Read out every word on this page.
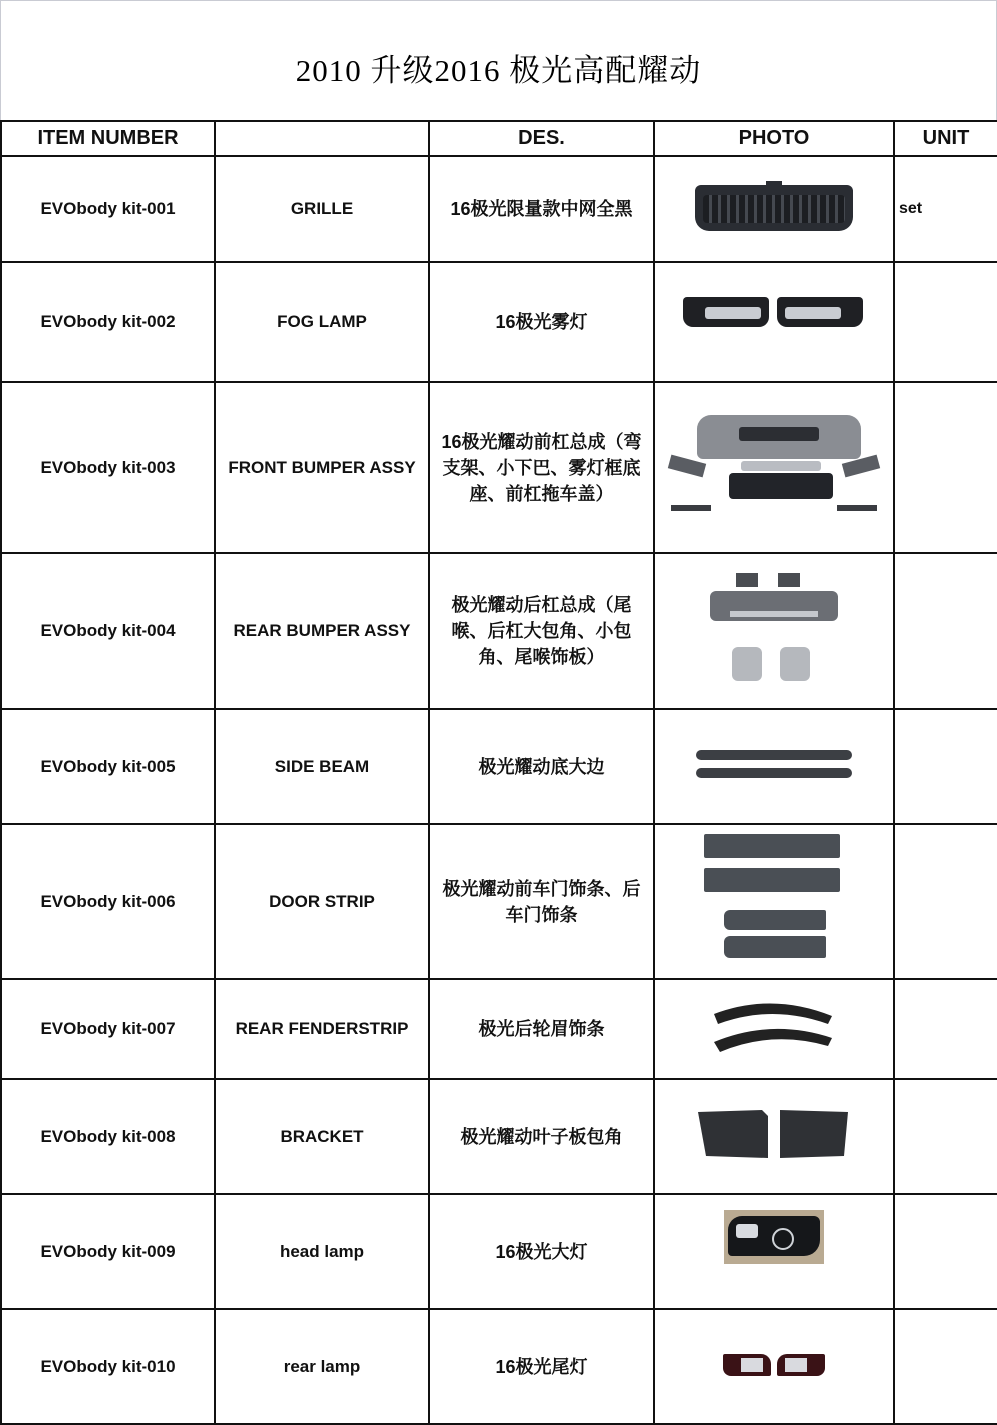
2010 升级2016 极光高配耀动
ITEM NUMBER		DES.	PHOTO	UNIT
EVObody kit-001	GRILLE	16极光限量款中网全黑		set
EVObody kit-002	FOG LAMP	16极光雾灯	

EVObody kit-003	FRONT BUMPER ASSY	16极光耀动前杠总成（弯支架、小下巴、雾灯框底座、前杠拖车盖）	

EVObody kit-004	REAR BUMPER ASSY	极光耀动后杠总成（尾喉、后杠大包角、小包角、尾喉饰板）	

EVObody kit-005	SIDE BEAM	极光耀动底大边	

EVObody kit-006	DOOR STRIP	极光耀动前车门饰条、后车门饰条	

EVObody kit-007	REAR FENDERSTRIP	极光后轮眉饰条		
EVObody kit-008	BRACKET	极光耀动叶子板包角		
EVObody kit-009	head lamp	16极光大灯	

EVObody kit-010	rear lamp	16极光尾灯	
